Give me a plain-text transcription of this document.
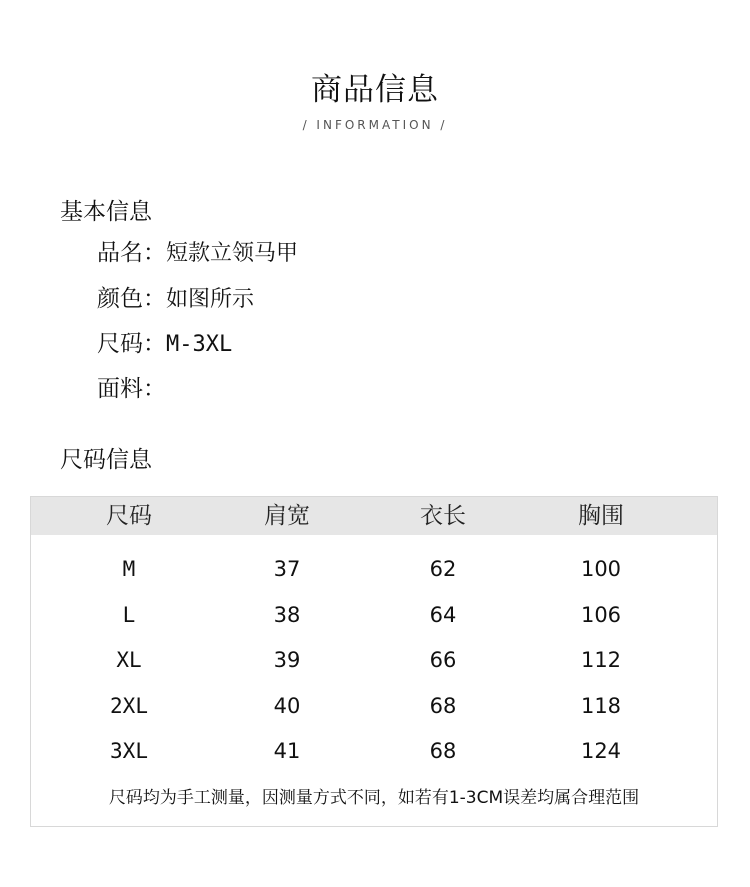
商品信息
/ INFORMATION /
基本信息
品名：短款立领马甲
颜色：如图所示
尺码：M-3XL
面料：
尺码信息
尺码	肩宽	衣长	胸围
M	37	62	100
L	38	64	106
XL	39	66	112
2XL	40	68	118
3XL	41	68	124
尺码均为手工测量，因测量方式不同，如若有1-3CM误差均属合理范围
